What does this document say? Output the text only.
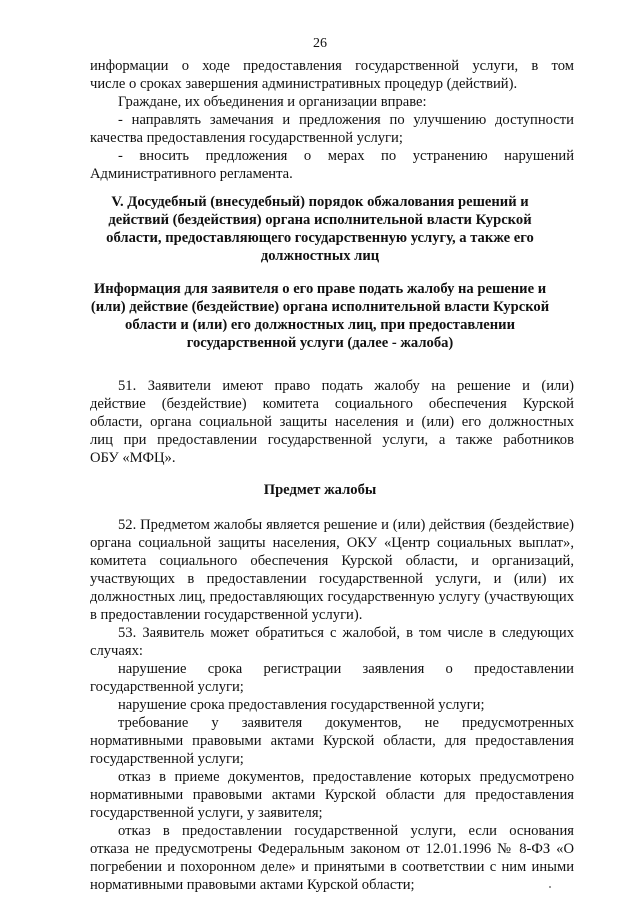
26
информации о ходе предоставления государственной услуги, в том
числе о сроках завершения административных процедур (действий).
Граждане, их объединения и организации вправе:
- направлять замечания и предложения по улучшению доступности
качества предоставления государственной услуги;
- вносить предложения о мерах по устранению нарушений
Административного регламента.
V. Досудебный (внесудебный) порядок обжалования решений и
действий (бездействия) органа исполнительной власти Курской
области, предоставляющего государственную услугу, а также его
должностных лиц
Информация для заявителя о его праве подать жалобу на решение и
(или) действие (бездействие) органа исполнительной власти Курской
области и (или) его должностных лиц, при предоставлении
государственной услуги (далее - жалоба)
51. Заявители имеют право подать жалобу на решение и (или)
действие (бездействие) комитета социального обеспечения Курской
области, органа социальной защиты населения и (или) его должностных
лиц при предоставлении государственной услуги, а также работников
ОБУ «МФЦ».
Предмет жалобы
52. Предметом жалобы является решение и (или) действия (бездействие)
органа социальной защиты населения, ОКУ «Центр социальных выплат»,
комитета социального обеспечения Курской области, и организаций,
участвующих в предоставлении государственной услуги, и (или) их
должностных лиц, предоставляющих государственную услугу (участвующих
в предоставлении государственной услуги).
53. Заявитель может обратиться с жалобой, в том числе в следующих
случаях:
нарушение срока регистрации заявления о предоставлении
государственной услуги;
нарушение срока предоставления государственной услуги;
требование у заявителя документов, не предусмотренных
нормативными правовыми актами Курской области, для предоставления
государственной услуги;
отказ в приеме документов, предоставление которых предусмотрено
нормативными правовыми актами Курской области для предоставления
государственной услуги, у заявителя;
отказ в предоставлении государственной услуги, если основания
отказа не предусмотрены Федеральным законом от 12.01.1996 № 8-ФЗ «О
погребении и похоронном деле» и принятыми в соответствии с ним иными
нормативными правовыми актами Курской области;
